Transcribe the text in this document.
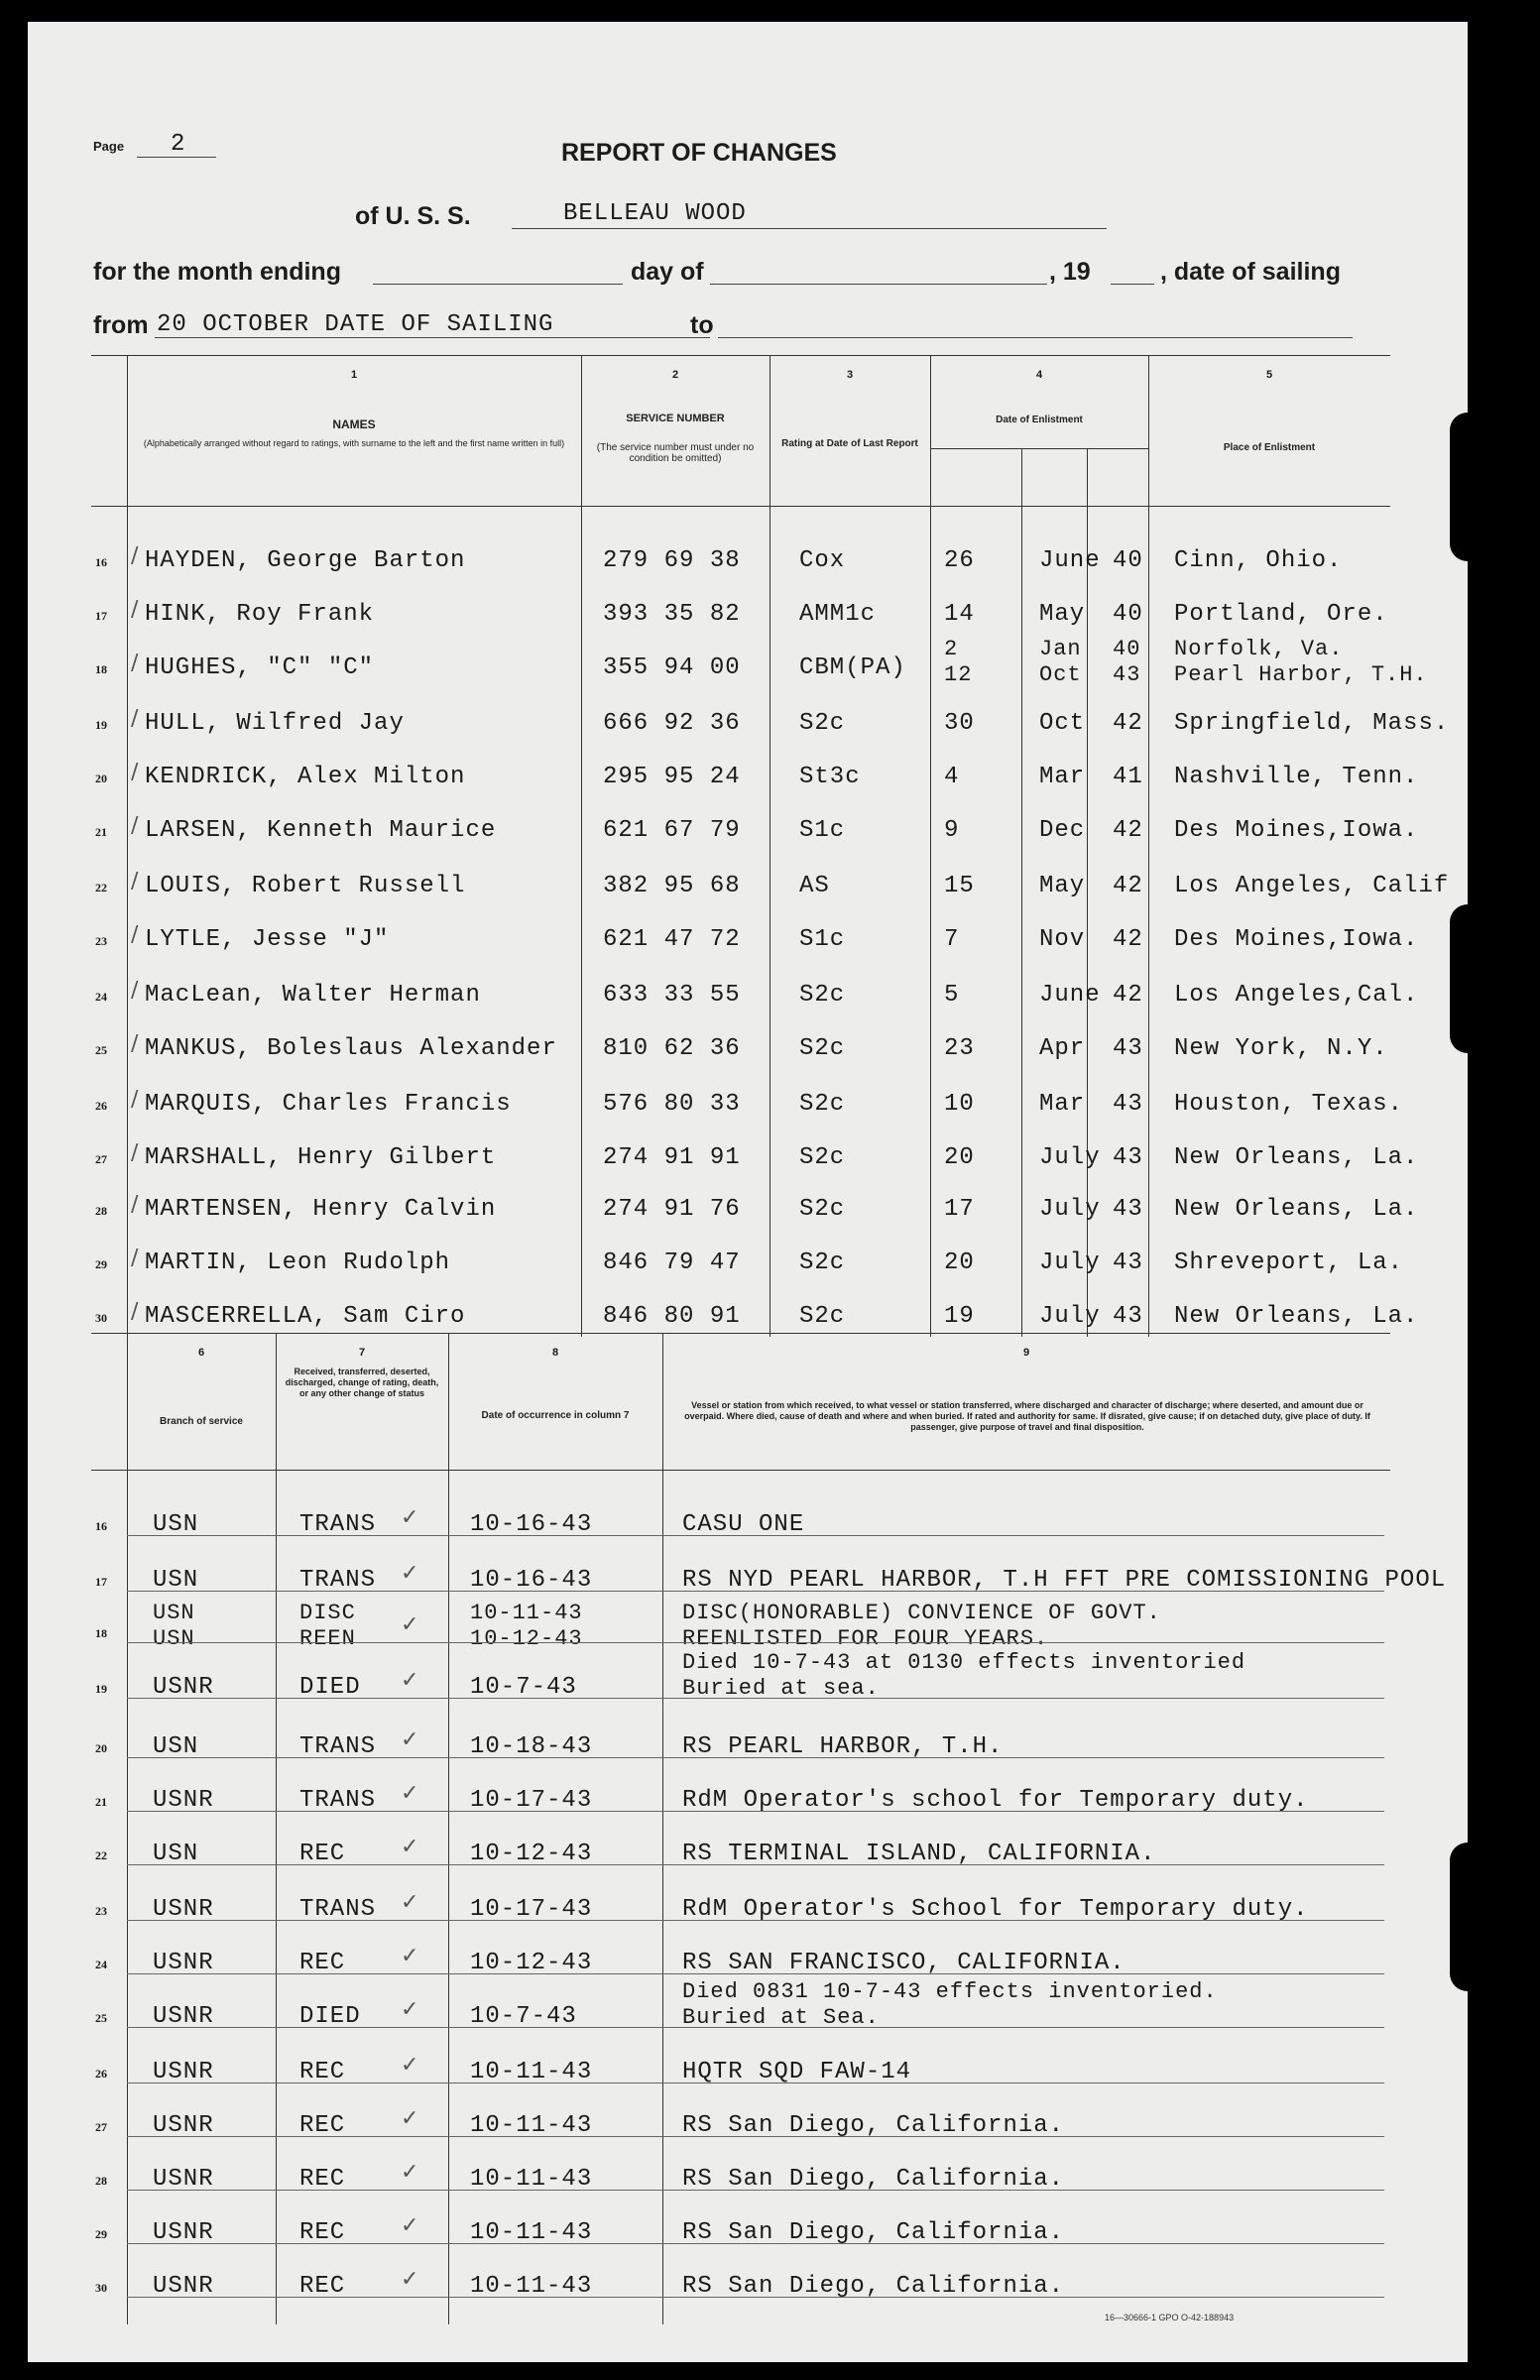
Page 2	REPORT OF CHANGES
of U. S. S.	BELLEAU WOOD
for the month ending	day of	, 19	, date of sailing
from 20 OCTOBER DATE OF SAILING	to
1
NAMES
(Alphabetically arranged without regard to ratings, with surname to the left and the first name written in full)
2
SERVICE NUMBER
(The service number must under no condition be omitted)
3
Rating at Date of Last Report
4
Date of Enlistment
5
Place of Enlistment
16 HAYDEN, George Barton	279 69 38 Cox	26	June 40 Cinn, Ohio.
∕
17 HINK, Roy Frank	393 35 82 AMM1c	14	May 40 Portland, Ore.
∕
18 HUGHES, "C" "C"	355 94 00 CBM(PA)
2	Jan 40 Norfolk, Va.
12	Oct 43 Pearl Harbor, T.H.
∕
19 HULL, Wilfred Jay	666 92 36 S2c	30	Oct 42 Springfield, Mass.
∕
20 KENDRICK, Alex Milton	295 95 24 St3c	4	Mar 41 Nashville, Tenn.
∕
21 LARSEN, Kenneth Maurice	621 67 79 S1c	9	Dec 42 Des Moines,Iowa.
∕
22 LOUIS, Robert Russell	382 95 68 AS	15	May 42 Los Angeles, Calif
∕
23 LYTLE, Jesse "J"	621 47 72 S1c	7	Nov 42 Des Moines,Iowa.
∕
24 MacLean, Walter Herman	633 33 55 S2c	5	June 42 Los Angeles,Cal.
∕
25 MANKUS, Boleslaus Alexander 810 62 36 S2c	23	Apr 43 New York, N.Y.
∕
26 MARQUIS, Charles Francis	576 80 33 S2c	10	Mar 43 Houston, Texas.
∕
27 MARSHALL, Henry Gilbert	274 91 91 S2c	20	July 43 New Orleans, La.
∕
28 MARTENSEN, Henry Calvin	274 91 76 S2c	17	July 43 New Orleans, La.
∕
29 MARTIN, Leon Rudolph	846 79 47 S2c	20	July 43 Shreveport, La.
∕
30 MASCERRELLA, Sam Ciro	846 80 91 S2c	19	July 43 New Orleans, La.
∕
6
Branch of service
7
Received, transferred, deserted, discharged, change of rating, death, or any other change of status
8
Date of occurrence in column 7
9
Vessel or station from which received, to what vessel or station transferred, where discharged and character of discharge; where deserted, and amount due or overpaid. Where died, cause of death and where and when buried. If rated and authority for same. If disrated, give cause; if on detached duty, give place of duty. If passenger, give purpose of travel and final disposition.
16 USN	TRANS	10-16-43	CASU ONE
✓
17 USN	TRANS	10-16-43	RS NYD PEARL HARBOR, T.H FFT PRE COMISSIONING POOL
✓
18
USN	DISC	10-11-43	DISC(HONORABLE) CONVIENCE OF GOVT.
USN	REEN	10-12-43	REENLISTED FOR FOUR YEARS.
✓
19 USNR	DIED	10-7-43
Died 10-7-43 at 0130 effects inventoried
Buried at sea.
✓
20 USN	TRANS	10-18-43	RS PEARL HARBOR, T.H.
✓
21 USNR	TRANS	10-17-43	RdM Operator's school for Temporary duty.
✓
22 USN	REC	10-12-43	RS TERMINAL ISLAND, CALIFORNIA.
✓
23 USNR	TRANS	10-17-43	RdM Operator's School for Temporary duty.
✓
24 USNR	REC	10-12-43	RS SAN FRANCISCO, CALIFORNIA.
✓
25 USNR	DIED	10-7-43
Died 0831 10-7-43 effects inventoried.
Buried at Sea.
✓
26 USNR	REC	10-11-43	HQTR SQD FAW-14
✓
27 USNR	REC	10-11-43	RS San Diego, California.
✓
28 USNR	REC	10-11-43	RS San Diego, California.
✓
29 USNR	REC	10-11-43	RS San Diego, California.
✓
30 USNR	REC	10-11-43	RS San Diego, California.
✓
16—30666-1 GPO O-42-188943
